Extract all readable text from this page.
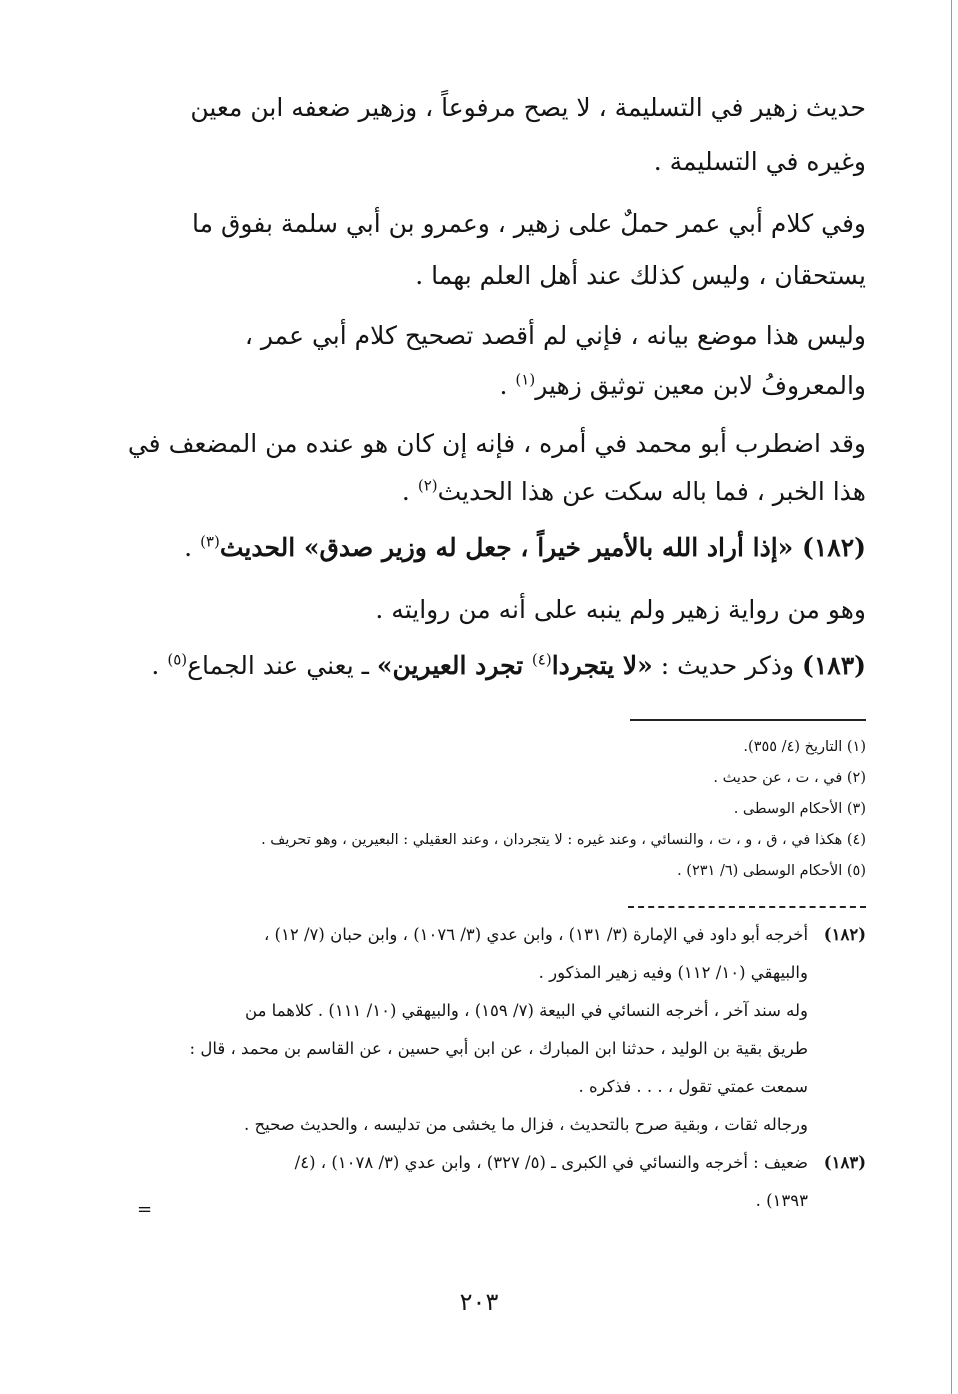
حديث زهير في التسليمة ، لا يصح مرفوعاً ، وزهير ضعفه ابن معين
وغيره في التسليمة .
وفي كلام أبي عمر حملٌ على زهير ، وعمرو بن أبي سلمة بفوق ما
يستحقان ، وليس كذلك عند أهل العلم بهما .
وليس هذا موضع بيانه ، فإني لم أقصد تصحيح كلام أبي عمر ،
والمعروفُ لابن معين توثيق زهير$^{(١)}$ .
وقد اضطرب أبو محمد في أمره ، فإنه إن كان هو عنده من المضعف في
هذا الخبر ، فما باله سكت عن هذا الحديث$^{(٢)}$ .
(١٨٢) «إذا أراد الله بالأمير خيراً ، جعل له وزير صدق» الحديث$^{(٣)}$ .
وهو من رواية زهير ولم ينبه على أنه من روايته .
(١٨٣) وذكر حديث : «لا يتجردا$^{(٤)}$ تجرد العيرين» ـ يعني عند الجماع$^{(٥)}$ .
(١) التاريخ (٤/ ٣٥٥).
(٢) في ، ت ، عن حديث .
(٣) الأحكام الوسطى .
(٤) هكذا في ، ق ، و ، ت ، والنسائي ، وعند غيره : لا يتجردان ، وعند العقيلي : البعيرين ، وهو تحريف .
(٥) الأحكام الوسطى (٦/ ٢٣١) .
(١٨٢)   أخرجه أبو داود في الإمارة (٣/ ١٣١) ، وابن عدي (٣/ ١٠٧٦) ، وابن حبان (٧/ ١٢) ،
والبيهقي (١٠/ ١١٢) وفيه زهير المذكور .
وله سند آخر ، أخرجه النسائي في البيعة (٧/ ١٥٩) ، والبيهقي (١٠/ ١١١) . كلاهما من
طريق بقية بن الوليد ، حدثنا ابن المبارك ، عن ابن أبي حسين ، عن القاسم بن محمد ، قال :
سمعت عمتي تقول ، . . . فذكره .
ورجاله ثقات ، وبقية صرح بالتحديث ، فزال ما يخشى من تدليسه ، والحديث صحيح .
(١٨٣)   ضعيف : أخرجه والنسائي في الكبرى ـ (٥/ ٣٢٧) ، وابن عدي (٣/ ١٠٧٨) ، (٤/
١٣٩٣) .
=
٢٠٣
